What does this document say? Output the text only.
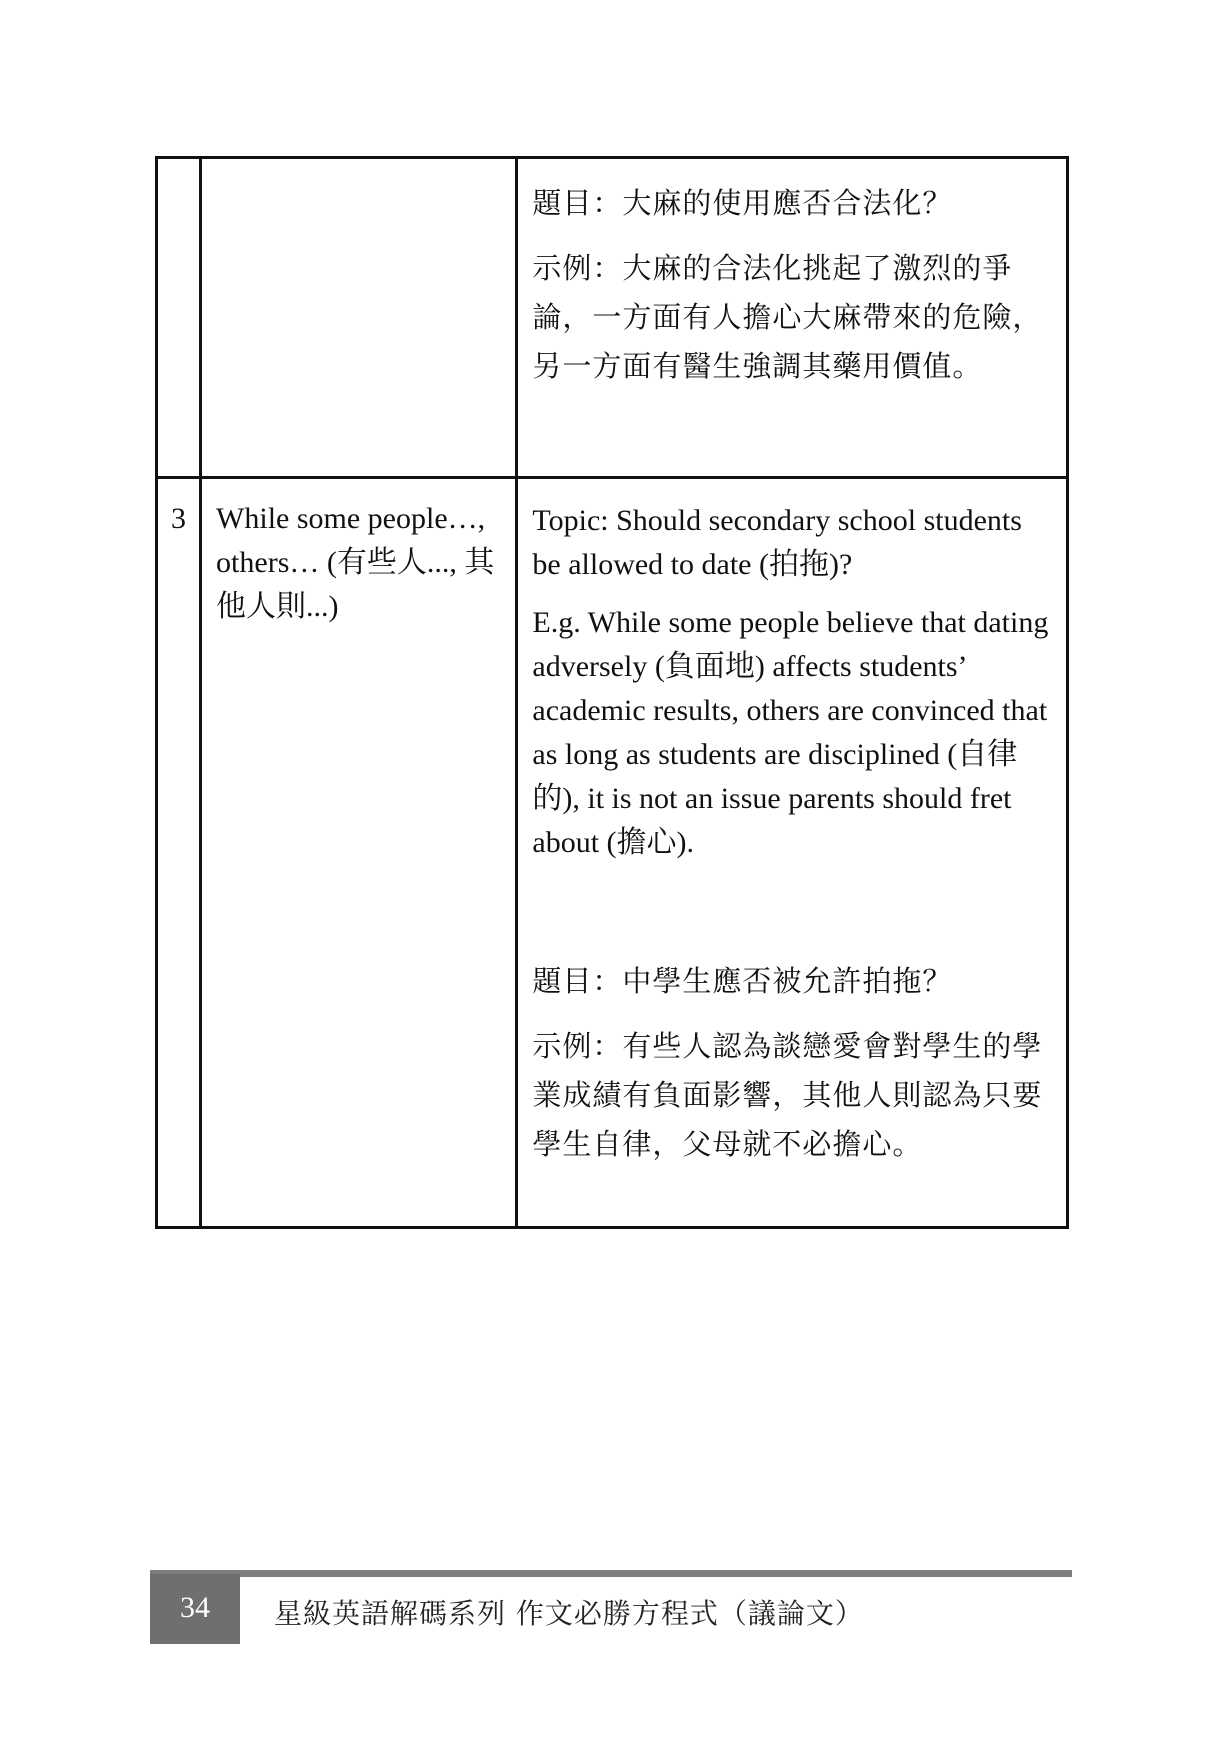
		題目：大麻的使用應否合法化？

示例：大麻的合法化挑起了激烈的爭論，一方面有人擔心大麻帶來的危險，另一方面有醫生強調其藥用價值。

3	While some people…, others… (有些人..., 其他人則...)	Topic: Should secondary school students be allowed to date (拍拖)?

E.g. While some people believe that dating adversely (負面地) affects students’ academic results, others are convinced that as long as students are disciplined (自律的), it is not an issue parents should fret about (擔心).

題目：中學生應否被允許拍拖？

示例：有些人認為談戀愛會對學生的學業成績有負面影響，其他人則認為只要學生自律，父母就不必擔心。

34	星級英語解碼系列 作文必勝方程式（議論文）
